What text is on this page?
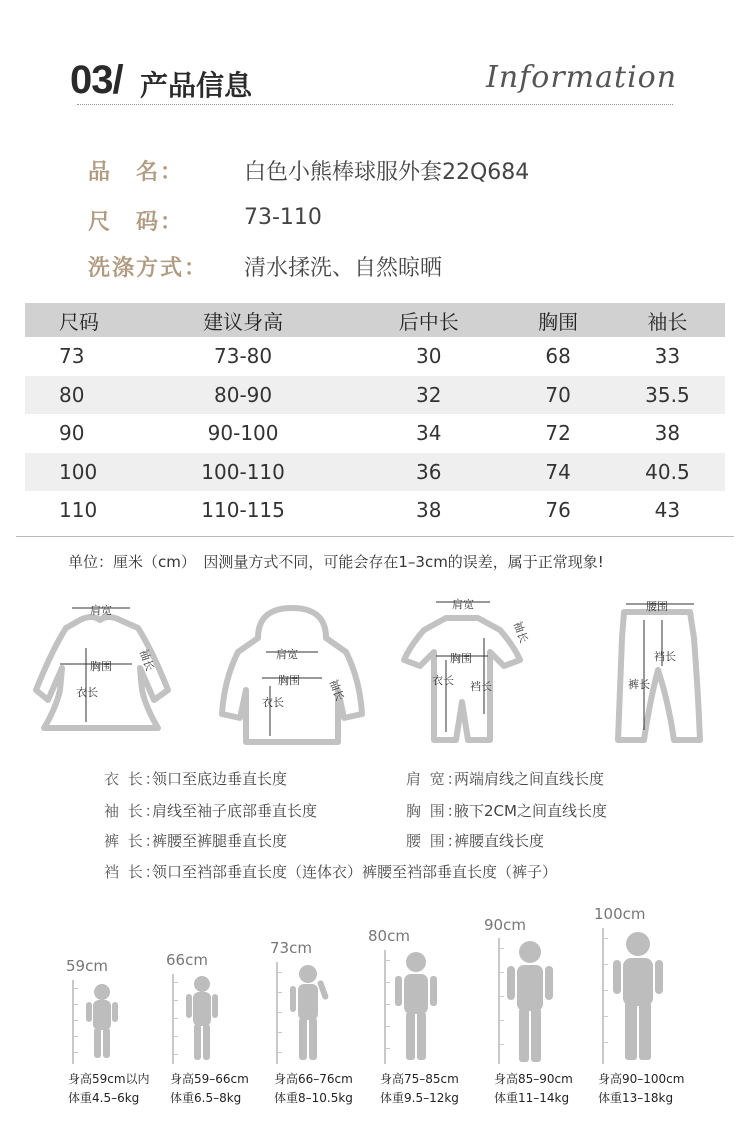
03/ 产品信息	Information
品　名：	白色小熊棒球服外套22Q684
尺　码：	73-110
洗涤方式：	清水揉洗、自然晾晒
尺码	建议身高	后中长	胸围	袖长
73	73-80	30	68	33
80	80-90	32	70	35.5
90	90-100	34	72	38
100	100-110	36	74	40.5
110	110-115	38	76	43
单位：厘米（cm）　因测量方式不同，可能会存在1–3cm的误差，属于正常现象!
肩宽
胸围
衣长
袖长	肩宽
胸围
衣长	袖长
肩宽
胸围
衣长 裆长
袖长
腰围
裆长
裤长
衣 长：领口至底边垂直长度
袖 长：肩线至袖子底部垂直长度
裤 长：裤腰至裤腿垂直长度
裆 长：领口至裆部垂直长度（连体衣）裤腰至裆部垂直长度（裤子）
肩 宽：两端肩线之间直线长度
胸 围：腋下2CM之间直线长度
腰 围：裤腰直线长度
59cm
身高59cm以内
体重4.5–6kg
66cm
身高59–66cm
体重6.5–8kg
73cm
身高66–76cm
体重8–10.5kg
80cm
身高75–85cm
体重9.5–12kg
90cm
身高85–90cm
体重11–14kg
100cm
身高90–100cm
体重13–18kg
